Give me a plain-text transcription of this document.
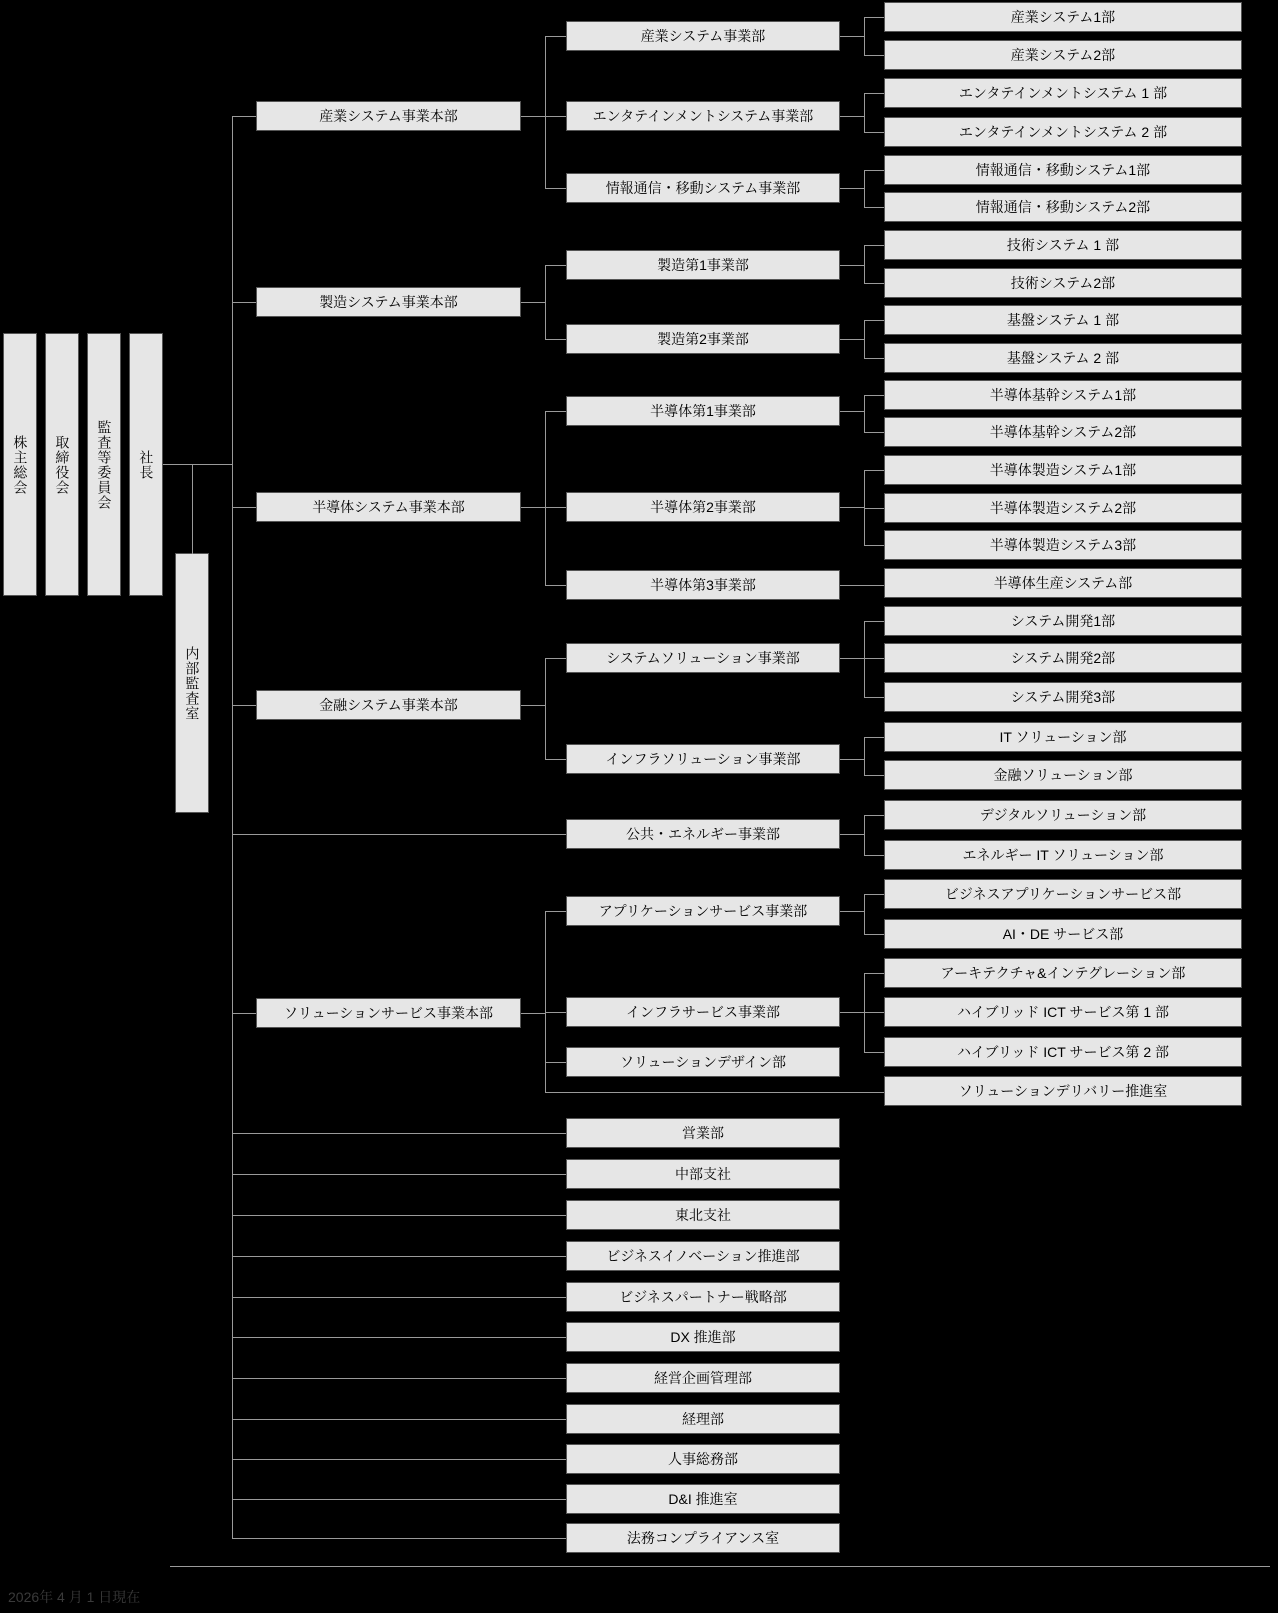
株主総会 取締役会 監査等委員会 社長
内部監査室
産業システム事業本部
製造システム事業本部
半導体システム事業本部
金融システム事業本部
ソリューションサービス事業本部
産業システム事業部
エンタテインメントシステム事業部
情報通信・移動システム事業部
製造第1事業部
製造第2事業部
半導体第1事業部
半導体第2事業部
半導体第3事業部
システムソリューション事業部
インフラソリューション事業部
公共・エネルギー事業部
アプリケーションサービス事業部
インフラサービス事業部
ソリューションデザイン部
産業システム1部
産業システム2部
エンタテインメントシステム 1 部
エンタテインメントシステム 2 部
情報通信・移動システム1部
情報通信・移動システム2部
技術システム 1 部
技術システム2部
基盤システム 1 部
基盤システム 2 部
半導体基幹システム1部
半導体基幹システム2部
半導体製造システム1部
半導体製造システム2部
半導体製造システム3部
半導体生産システム部
システム開発1部
システム開発2部
システム開発3部
IT ソリューション部
金融ソリューション部
デジタルソリューション部
エネルギー IT ソリューション部
ビジネスアプリケーションサービス部
AI・DE サービス部
アーキテクチャ&インテグレーション部
ハイブリッド ICT サービス第 1 部
ハイブリッド ICT サービス第 2 部
ソリューションデリバリー推進室
営業部
中部支社
東北支社
ビジネスイノベーション推進部
ビジネスパートナー戦略部
DX 推進部
経営企画管理部
経理部
人事総務部
D&I 推進室
法務コンプライアンス室
2026年 4 月 1 日現在
